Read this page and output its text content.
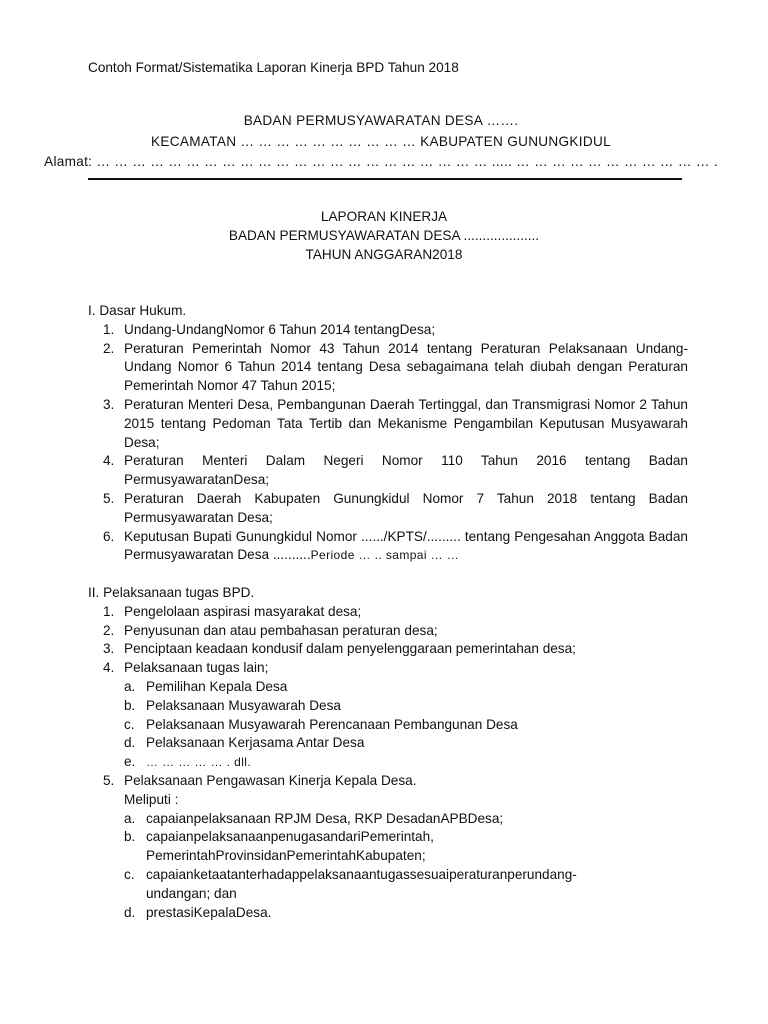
Contoh Format/Sistematika Laporan Kinerja BPD Tahun 2018
BADAN PERMUSYAWARATAN DESA …….
KECAMATAN … … … … … … … … … … KABUPATEN GUNUNGKIDUL
Alamat: … … … … … … … … … … … … … … … … … … … … … … ..... … … … … … … … … … … … .
LAPORAN KINERJA
BADAN PERMUSYAWARATAN DESA ....................
TAHUN ANGGARAN2018
I. Dasar Hukum.
1. Undang-UndangNomor 6 Tahun 2014 tentangDesa;
2. Peraturan Pemerintah Nomor 43 Tahun 2014 tentang Peraturan Pelaksanaan Undang-Undang Nomor 6 Tahun 2014 tentang Desa sebagaimana telah diubah dengan Peraturan Pemerintah Nomor 47 Tahun 2015;
3. Peraturan Menteri Desa, Pembangunan Daerah Tertinggal, dan Transmigrasi Nomor 2 Tahun 2015 tentang Pedoman Tata Tertib dan Mekanisme Pengambilan Keputusan Musyawarah Desa;
4. Peraturan Menteri Dalam Negeri Nomor 110 Tahun 2016 tentang Badan PermusyawaratanDesa;
5. Peraturan Daerah Kabupaten Gunungkidul Nomor 7 Tahun 2018 tentang Badan Permusyawaratan Desa;
6. Keputusan Bupati Gunungkidul Nomor ....../KPTS/......... tentang Pengesahan Anggota Badan Permusyawaratan Desa ..........Periode … .. sampai … …
II. Pelaksanaan tugas BPD.
1. Pengelolaan aspirasi masyarakat desa;
2. Penyusunan dan atau pembahasan peraturan desa;
3. Penciptaan keadaan kondusif dalam penyelenggaraan pemerintahan desa;
4. Pelaksanaan tugas lain;
a. Pemilihan Kepala Desa
b. Pelaksanaan Musyawarah Desa
c. Pelaksanaan Musyawarah Perencanaan Pembangunan Desa
d. Pelaksanaan Kerjasama Antar Desa
e. … … … … … . dll.
5. Pelaksanaan Pengawasan Kinerja Kepala Desa.
Meliputi :
a. capaianpelaksanaan RPJM Desa, RKP DesadanAPBDesa;
b. capaianpelaksanaanpenugasandariPemerintah, PemerintahProvinsidanPemerintahKabupaten;
c. capaianketaatanterhadappelaksanaantugassesuaiperaturanperundang-undangan; dan
d. prestasiKepalaDesa.
